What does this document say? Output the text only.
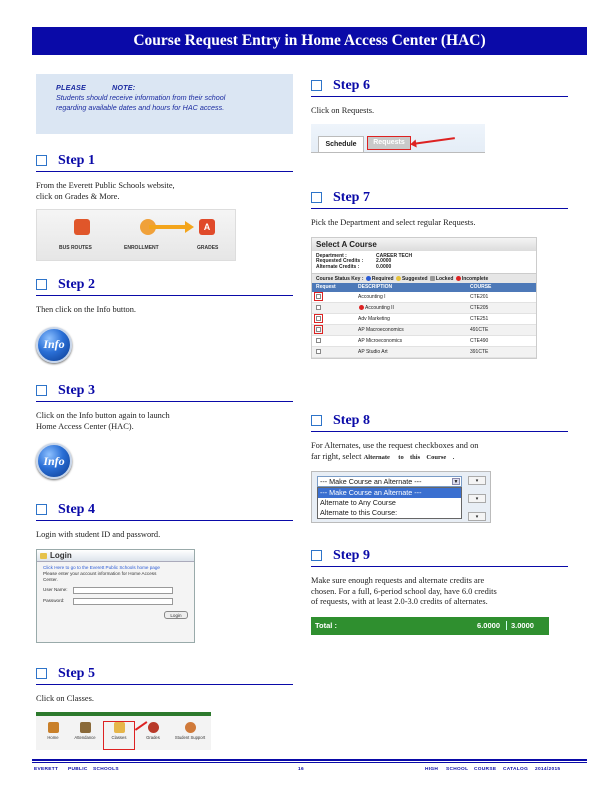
Course Request Entry in Home Access Center (HAC)
PLEASE	NOTE:
Students should receive information from their school
regarding available dates and hours for HAC access.
Step 1
From the Everett Public Schools website,
click on Grades & More.
BUS ROUTES	ENROLLMENT
A
GRADES
Step 2
Then click on the Info button.
Info
Step 3
Click on the Info button again to launch
Home Access Center (HAC).
Info
Step 4
Login with student ID and password.
Login
Click Here to go to the Everett Public Schools home page
Please enter your account information for Home Access
Center.
User Name:
Password:
Login
Step 5
Click on Classes.
Home	Attendance	Classes	Grades	Student Support
Step 6
Click on Requests.
Schedule	Requests
Step 7
Pick the Department and select regular Requests.
Select A Course
Department :	CAREER TECH
Requested Credits :	2.0000
Alternate Credits :	0.0000
Course Status Key : Required Suggested Locked Incomplete
Request	DESCRIPTION	COURSE
Accounting I	CTE201
Accounting II	CTE205
Adv Marketing	CTE251
AP Macroeconomics	491CTE
AP Microeconomics	CTE490
AP Studio Art	391CTE
Step 8
For Alternates, use the request checkboxes and on
far right, select Alternate to this Course .
--- Make Course an Alternate ---	▼	▾
▾
▾
--- Make Course an Alternate ---
Alternate to Any Course
Alternate to this Course:
Step 9
Make sure enough requests and alternate credits are
chosen. For a full, 6-period school day, have 6.0 credits
of requests, with at least 2.0-3.0 credits of alternates.
Total :	6.0000	3.0000
EVERETT PUBLIC SCHOOLS	16	HIGH SCHOOL COURSE CATALOG 2014/2015
